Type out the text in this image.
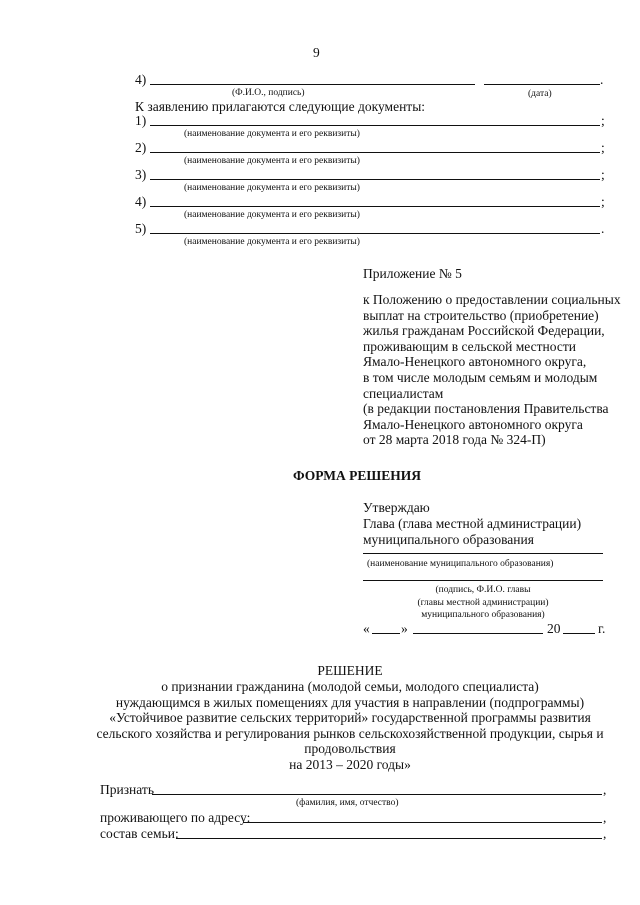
9
4)	.
(Ф.И.О., подпись)	(дата)
К заявлению прилагаются следующие документы:
1)	;
(наименование документа и его реквизиты)
2)	;
(наименование документа и его реквизиты)
3)	;
(наименование документа и его реквизиты)
4)	;
(наименование документа и его реквизиты)
5)	.
(наименование документа и его реквизиты)
Приложение № 5
к Положению о предоставлении социальных
выплат на строительство (приобретение)
жилья гражданам Российской Федерации,
проживающим в сельской местности
Ямало-Ненецкого автономного округа,
в том числе молодым семьям и молодым
специалистам
(в редакции постановления Правительства
Ямало-Ненецкого автономного округа
от 28 марта 2018 года № 324-П)
ФОРМА РЕШЕНИЯ
Утверждаю
Глава (глава местной администрации)
муниципального образования
(наименование муниципального образования)
(подпись, Ф.И.О. главы
(главы местной администрации)
муниципального образования)
« »	20	г.
РЕШЕНИЕ
о признании гражданина (молодой семьи, молодого специалиста)
нуждающимся в жилых помещениях для участия в направлении (подпрограммы)
«Устойчивое развитие сельских территорий» государственной программы развития
сельского хозяйства и регулирования рынков сельскохозяйственной продукции, сырья и
продовольствия
на 2013 – 2020 годы»
Признать	,
(фамилия, имя, отчество)
проживающего по адресу:	,
состав семьи:	,
